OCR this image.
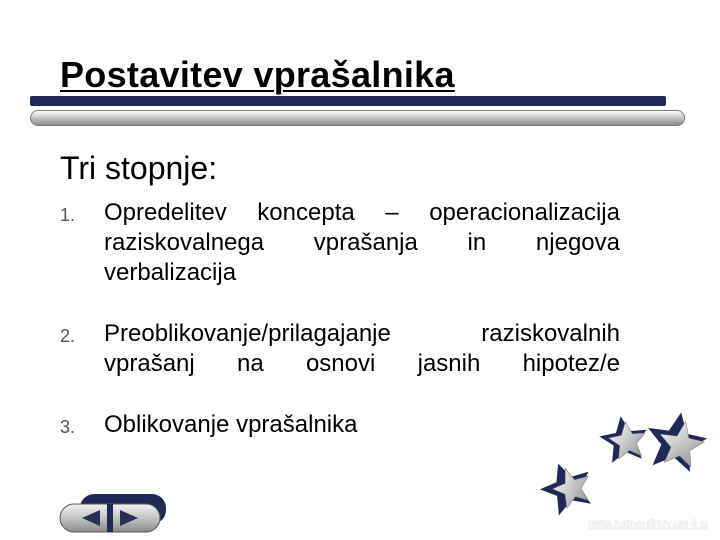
Postavitev vprašalnika
Tri stopnje:
1.	Opredelitev koncepta – operacionalizacija raziskovalnega vprašanja in njegova verbalizacija
2.	Preoblikovanje/prilagajanje raziskovalnih vprašanj na osnovi jasnih hipotez/e
3.	Oblikovanje vprašalnika
mitja.hafner@fdv.uni-lj.si
